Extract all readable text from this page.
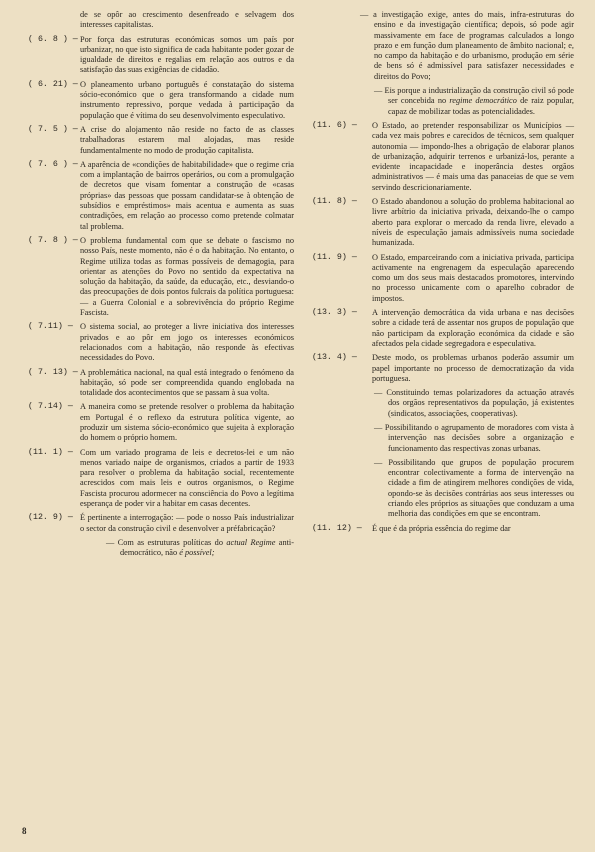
de se opôr ao crescimento desenfreado e selvagem dos interesses capitalistas.
( 6. 8 ) — Por força das estruturas económicas somos um país por urbanizar, no que isto significa de cada habitante poder gozar de igualdade de direitos e regalias em relação aos outros e da satisfação das suas exigências de cidadão.
( 6. 21) — O planeamento urbano português é constatação do sistema sócio-económico que o gera transformando a cidade num instrumento repressivo, porque vedada à participação da população que é vítima do seu desenvolvimento especulativo.
( 7. 5 ) — A crise do alojamento não reside no facto de as classes trabalhadoras estarem mal alojadas, mas reside fundamentalmente no modo de produção capitalista.
( 7. 6 ) — A aparência de «condições de habitabilidade» que o regime cria com a implantação de bairros operários, ou com a promulgação de decretos que visam fomentar a construção de «casas próprias» das pessoas que possam candidatar-se à obtenção de subsídios e empréstimos» mais acentua e aumenta as suas contradições, em relação ao processo como pretende colmatar tal problema.
( 7. 8 ) — O problema fundamental com que se debate o fascismo no nosso País, neste momento, não é o da habitação. No entanto, o Regime utiliza todas as formas possíveis de demagogia, para orientar as atenções do Povo no sentido da expectativa na solução da habitação, da saúde, da educação, etc., desviando-o das preocupações de dois pontos fulcrais da política portuguesa: — a Guerra Colonial e a sobrevivência do próprio Regime Fascista.
( 7.11) — O sistema social, ao proteger a livre iniciativa dos interesses privados e ao pôr em jogo os interesses económicos relacionados com a habitação, não responde às efectivas necessidades do Povo.
( 7. 13) — A problemática nacional, na qual está integrado o fenómeno da habitação, só pode ser compreendida quando englobada na totalidade dos acontecimentos que se passam à sua volta.
( 7.14) — A maneira como se pretende resolver o problema da habitação em Portugal é o reflexo da estrutura política vigente, ao produzir um sistema sócio-económico que sujeita à exploração do homem o próprio homem.
(11. 1) — Com um variado programa de leis e decretos-lei e um não menos variado naipe de organismos, criados a partir de 1933 para resolver o problema da habitação social, recentemente acrescidos com mais leis e outros organismos, o Regime Fascista procurou adormecer na consciência do Povo a legítima esperança de poder vir a habitar em casas decentes.
(12. 9) — É pertinente a interrogação: — pode o nosso País industrializar o sector da construção civil e desenvolver a préfabricação?
— Com as estruturas políticas do actual Regime anti-democrático, não é possível;
— a investigação exige, antes do mais, infra-estruturas do ensino e da investigação científica; depois, só pode agir massivamente em face de programas calculados a longo prazo e em função dum planeamento de âmbito nacional; e, no campo da habitação e do urbanismo, produção em série de bens só é admissível para satisfazer necessidades e direitos do Povo;
— Eis porque a industrialização da construção civil só pode ser concebida no regime democrático de raiz popular, capaz de mobilizar todas as potencialidades.
(11. 6) —	O Estado, ao pretender responsabilizar os Municípios — cada vez mais pobres e carecidos de técnicos, sem qualquer autonomia — impondo-lhes a obrigação de elaborar planos de urbanização, adquirir terrenos e urbanizá-los, perante a evidente incapacidade e inoperância destes orgãos administrativos — é mais uma das panaceias de que se vem servindo descricionariamente.
(11. 8) —	O Estado abandonou a solução do problema habitacional ao livre arbítrio da iniciativa privada, deixando-lhe o campo aberto para explorar o mercado da renda livre, elevado a níveis de especulação jamais admissíveis numa sociedade humanizada.
(11. 9) —	O Estado, emparceirando com a iniciativa privada, participa activamente na engrenagem da especulação aparecendo como um dos seus mais destacados promotores, intervindo no processo unicamente com o aparelho cobrador de impostos.
(13. 3) —	A intervenção democrática da vida urbana e nas decisões sobre a cidade terá de assentar nos grupos de população que não participam da exploração económica da cidade e são afectados pela cidade segregadora e especulativa.
(13. 4) —	Deste modo, os problemas urbanos poderão assumir um papel importante no processo de democratização da vida portuguesa.
— Constituindo temas polarizadores da actuação através dos orgãos representativos da população, já existentes (sindicatos, associações, cooperativas).
— Possibilitando o agrupamento de moradores com vista à intervenção nas decisões sobre a organização e funcionamento das respectivas zonas urbanas.
— Possibilitando que grupos de população procurem encontrar colectivamente a forma de intervenção na cidade a fim de atingirem melhores condições de vida, opondo-se às decisões contrárias aos seus interesses ou criando eles próprios as situações que conduzam a uma melhoria das condições em que se encontram.
(11. 12) —	É que é da própria essência do regime dar
8
